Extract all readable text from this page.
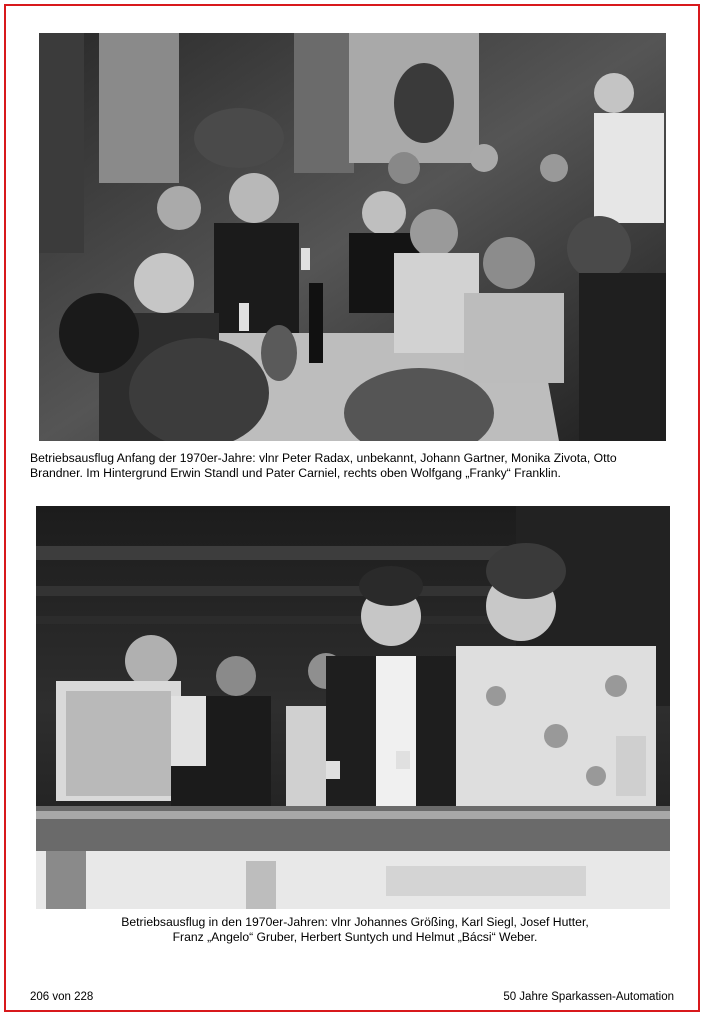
Betriebsausflug Anfang der 1970er-Jahre: vlnr Peter Radax, unbekannt, Johann Gartner, Monika Zivota, Otto
Brandner. Im Hintergrund Erwin Standl und Pater Carniel, rechts oben Wolfgang „Franky“ Franklin.
Betriebsausflug in den 1970er-Jahren: vlnr Johannes Größing, Karl Siegl, Josef Hutter,
Franz „Angelo“ Gruber, Herbert Suntych und Helmut „Bácsi“ Weber.
206 von 228	50 Jahre Sparkassen-Automation
